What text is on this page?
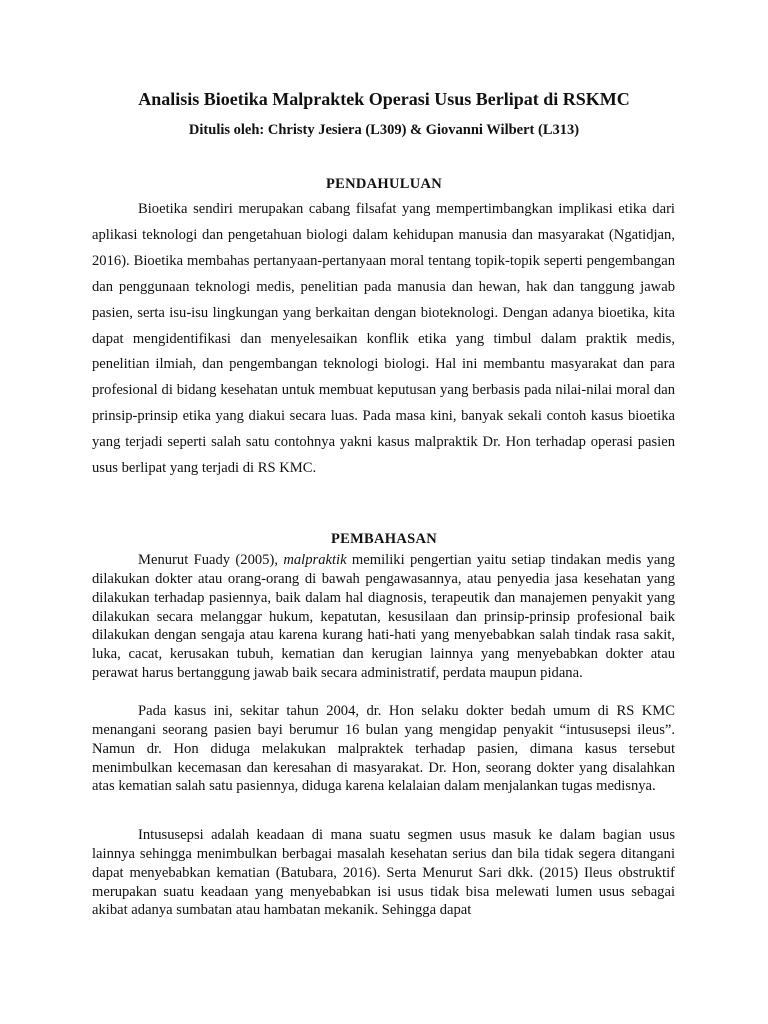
Analisis Bioetika Malpraktek Operasi Usus Berlipat di RSKMC

Ditulis oleh: Christy Jesiera (L309) & Giovanni Wilbert (L313)

PENDAHULUAN

Bioetika sendiri merupakan cabang filsafat yang mempertimbangkan implikasi etika dari aplikasi teknologi dan pengetahuan biologi dalam kehidupan manusia dan masyarakat (Ngatidjan, 2016). Bioetika membahas pertanyaan-pertanyaan moral tentang topik-topik seperti pengembangan dan penggunaan teknologi medis, penelitian pada manusia dan hewan, hak dan tanggung jawab pasien, serta isu-isu lingkungan yang berkaitan dengan bioteknologi. Dengan adanya bioetika, kita dapat mengidentifikasi dan menyelesaikan konflik etika yang timbul dalam praktik medis, penelitian ilmiah, dan pengembangan teknologi biologi. Hal ini membantu masyarakat dan para profesional di bidang kesehatan untuk membuat keputusan yang berbasis pada nilai-nilai moral dan prinsip-prinsip etika yang diakui secara luas. Pada masa kini, banyak sekali contoh kasus bioetika yang terjadi seperti salah satu contohnya yakni kasus malpraktik Dr. Hon terhadap operasi pasien usus berlipat yang terjadi di RS KMC.

PEMBAHASAN

Menurut Fuady (2005), malpraktik memiliki pengertian yaitu setiap tindakan medis yang dilakukan dokter atau orang-orang di bawah pengawasannya, atau penyedia jasa kesehatan yang dilakukan terhadap pasiennya, baik dalam hal diagnosis, terapeutik dan manajemen penyakit yang dilakukan secara melanggar hukum, kepatutan, kesusilaan dan prinsip-prinsip profesional baik dilakukan dengan sengaja atau karena kurang hati-hati yang menyebabkan salah tindak rasa sakit, luka, cacat, kerusakan tubuh, kematian dan kerugian lainnya yang menyebabkan dokter atau perawat harus bertanggung jawab baik secara administratif, perdata maupun pidana.

Pada kasus ini, sekitar tahun 2004, dr. Hon selaku dokter bedah umum di RS KMC menangani seorang pasien bayi berumur 16 bulan yang mengidap penyakit “intususepsi ileus”. Namun dr. Hon diduga melakukan malpraktek terhadap pasien, dimana kasus tersebut menimbulkan kecemasan dan keresahan di masyarakat. Dr. Hon, seorang dokter yang disalahkan atas kematian salah satu pasiennya, diduga karena kelalaian dalam menjalankan tugas medisnya.

Intususepsi adalah keadaan di mana suatu segmen usus masuk ke dalam bagian usus lainnya sehingga menimbulkan berbagai masalah kesehatan serius dan bila tidak segera ditangani dapat menyebabkan kematian (Batubara, 2016). Serta Menurut Sari dkk. (2015) Ileus obstruktif merupakan suatu keadaan yang menyebabkan isi usus tidak bisa melewati lumen usus sebagai akibat adanya sumbatan atau hambatan mekanik. Sehingga dapat
